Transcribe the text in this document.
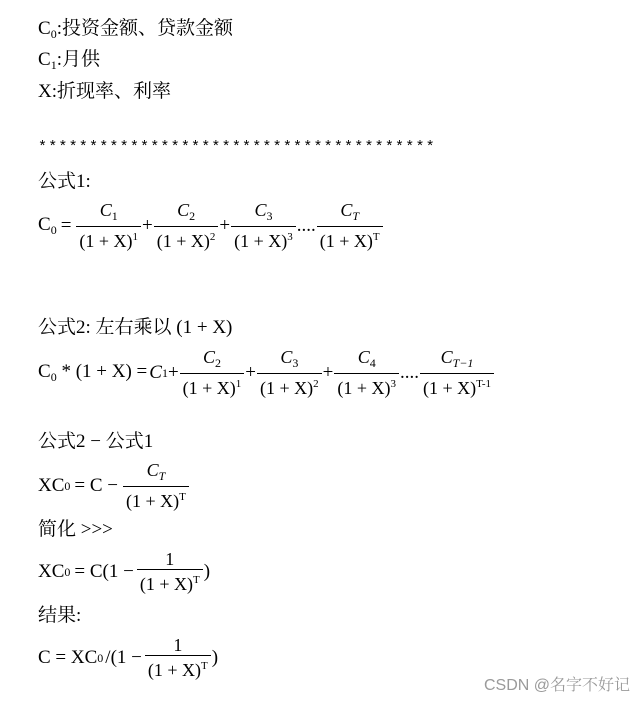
$C_0$:投资金额、贷款金额
$C_1$:月供
X:折现率、利率
***************************************
公式1:
$C_0 = \frac{C_1}{(1 + X)^1} + \frac{C_2}{(1 + X)^2} + \frac{C_3}{(1 + X)^3}$ .... $\frac{C_T}{(1 + X)^T}$
公式2: 左右乘以 (1 + X)
$C_0 * (1 + X) = C$ $1 + \frac{C_2}{(1 + X)^1} + \frac{C_3}{(1 + X)^2} + \frac{C_4}{(1 + X)^3}$ .... $\frac{C_{T-1}}{(1 + X)^{T-1}}$
公式2 − 公式1
XC $0 = C - \frac{C_T}{(1 + X)^T}$
简化 >>>
XC $0 = C(1 - \frac{1}{(1 + X)^T}$ )
结果:
C = XC 0 $/(1 - \frac{1}{(1 + X)^T}$ )
CSDN @名字不好记
